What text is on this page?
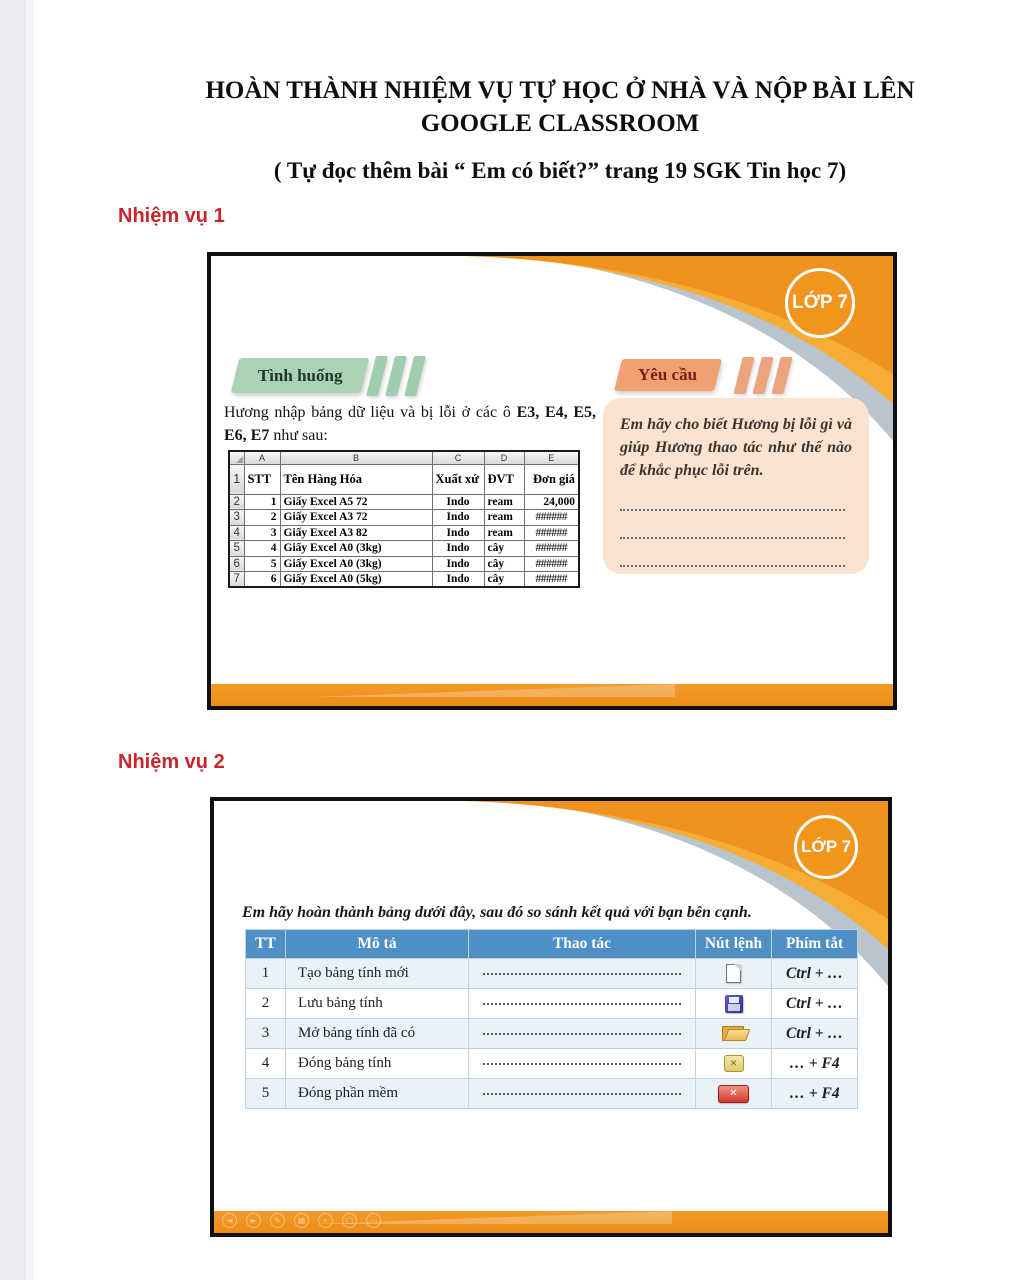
HOÀN THÀNH NHIỆM VỤ TỰ HỌC Ở NHÀ VÀ NỘP BÀI LÊN
GOOGLE CLASSROOM
( Tự đọc thêm bài “ Em có biết?” trang 19 SGK Tin học 7)
Nhiệm vụ 1
LỚP 7
Tình huống	Yêu cầu
Hương nhập bảng dữ liệu và bị lỗi ở các ô E3, E4, E5, E6, E7 như sau:
	A	B	C	D	E
1	STT	Tên Hàng Hóa	Xuất xứ	ĐVT	Đơn giá
2	1	Giấy Excel A5 72	Indo	ream	24,000
3	2	Giấy Excel A3 72	Indo	ream	######
4	3	Giấy Excel A3 82	Indo	ream	######
5	4	Giấy Excel A0 (3kg)	Indo	cây	######
6	5	Giấy Excel A0 (3kg)	Indo	cây	######
7	6	Giấy Excel A0 (5kg)	Indo	cây	######
Em hãy cho biết Hương bị lỗi gì và giúp Hương thao tác như thế nào để khắc phục lỗi trên.
Nhiệm vụ 2
LỚP 7
Em hãy hoàn thành bảng dưới đây, sau đó so sánh kết quả với bạn bên cạnh.
TT	Mô tả	Thao tác	Nút lệnh	Phím tắt
1	Tạo bảng tính mới			Ctrl + …
2	Lưu bảng tính			Ctrl + …
3	Mở bảng tính đã có			Ctrl + …
4	Đóng bảng tính		✕	… + F4
5	Đóng phần mềm		✕	… + F4
◄	►	✎	▦	⌕	▢	⋯
